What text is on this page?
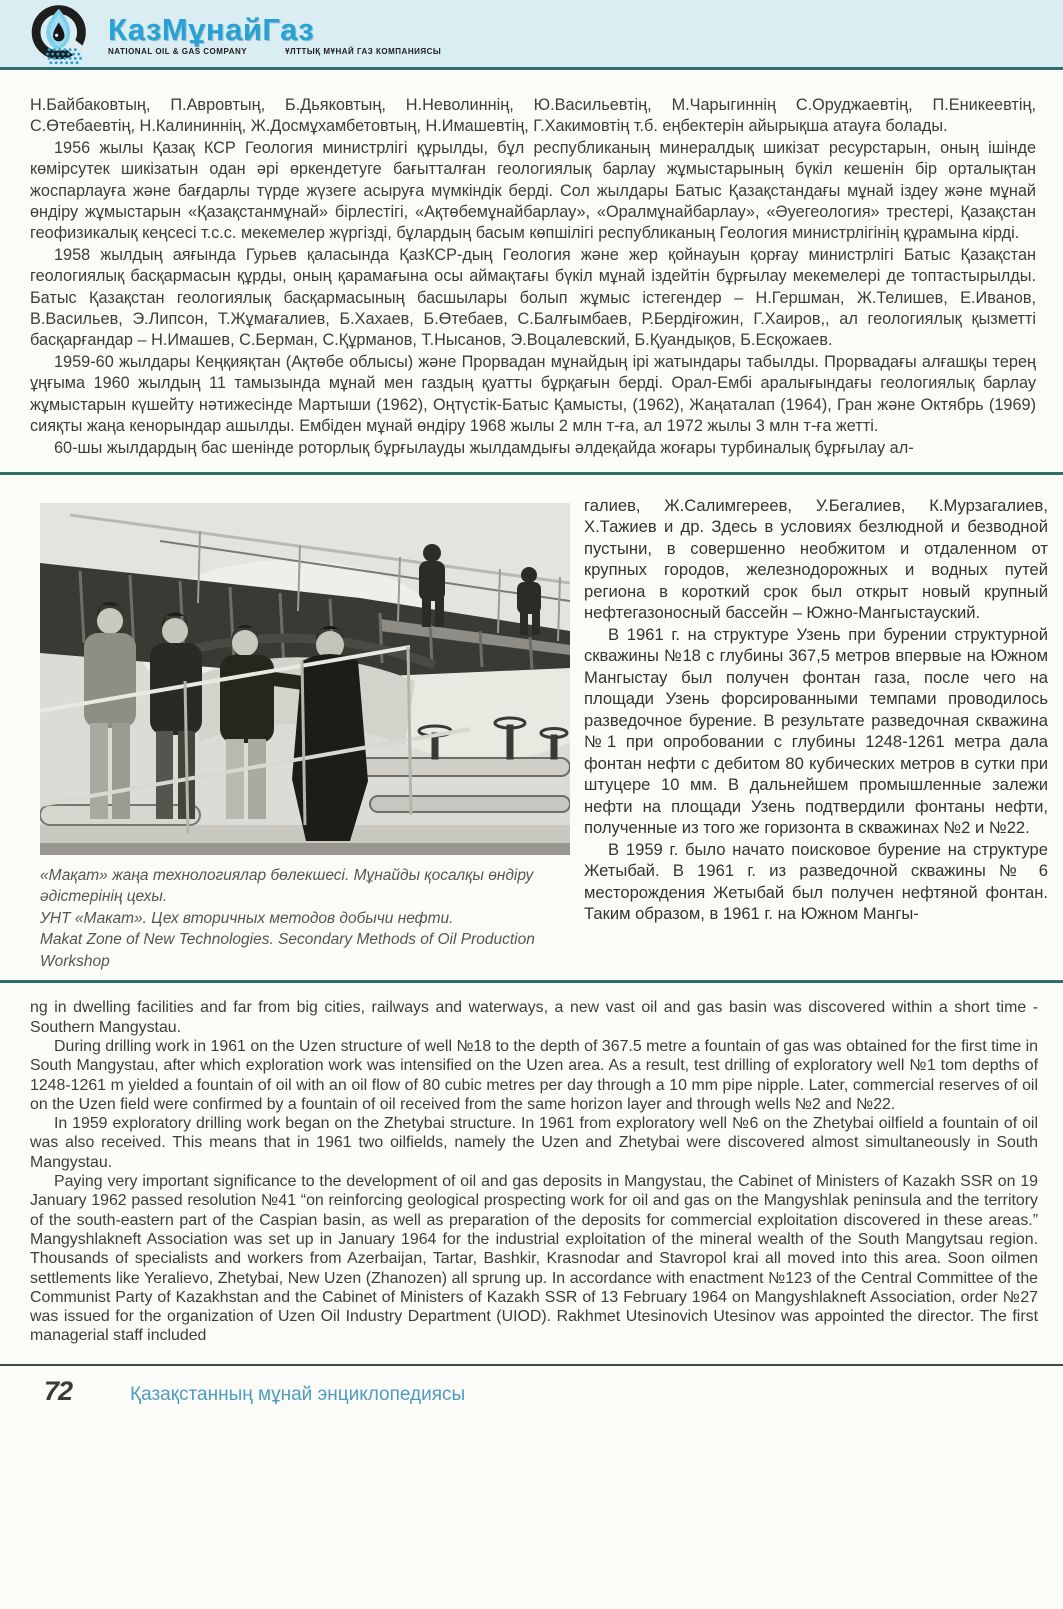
КазМұнайГаз
NATIONAL OIL & GAS COMPANY	ҰЛТТЫҚ МҰНАЙ ГАЗ КОМПАНИЯСЫ

Н.Байбаковтың, П.Авровтың, Б.Дьяковтың, Н.Неволиннің, Ю.Васильевтің, М.Чарыгиннің С.Оруджаевтің, П.Еникеевтің, С.Өтебаевтің, Н.Калининнің, Ж.Досмұхамбетовтың, Н.Имашевтің, Г.Хакимовтің т.б. еңбектерін айырықша атауға болады.

1956 жылы Қазақ КСР Геология министрлігі құрылды, бұл республиканың минералдық шикізат ресурстарын, оның ішінде көмірсутек шикізатын одан әрі өркендетуге бағытталған геологиялық барлау жұмыстарының бүкіл кешенін бір орталықтан жоспарлауға және бағдарлы түрде жүзеге асыруға мүмкіндік берді. Сол жылдары Батыс Қазақстандағы мұнай іздеу және мұнай өндіру жұмыстарын «Қазақстанмұнай» бірлестігі, «Ақтөбемұнайбарлау», «Оралмұнайбарлау», «Әуегеология» трестері, Қазақстан геофизикалық кеңсесі т.с.с. мекемелер жүргізді, бұлардың басым көпшілігі республиканың Геология министрлігінің құрамына кірді.

1958 жылдың аяғында Гурьев қаласында ҚазКСР-дың Геология және жер қойнауын қорғау министрлігі Батыс Қазақстан геологиялық басқармасын құрды, оның қарамағына осы аймақтағы бүкіл мұнай іздейтін бұрғылау мекемелері де топтастырылды. Батыс Қазақстан геологиялық басқармасының басшылары болып жұмыс істегендер – Н.Гершман, Ж.Телишев, Е.Иванов, В.Васильев, Э.Липсон, Т.Жұмағалиев, Б.Хахаев, Б.Өтебаев, С.Балғымбаев, Р.Бердіғожин, Г.Хаиров,, ал геологиялық қызметті басқарғандар – Н.Имашев, С.Берман, С.Құрманов, Т.Нысанов, Э.Воцалевский, Б.Қуандықов, Б.Есқожаев.

1959-60 жылдары Кеңқияқтан (Ақтөбе облысы) және Прорвадан мұнайдың ірі жатындары табылды. Прорвадағы алғашқы терең ұңғыма 1960 жылдың 11 тамызында мұнай мен газдың қуатты бұрқағын берді. Орал-Ембі аралығындағы геологиялық барлау жұмыстарын күшейту нәтижесінде Мартыши (1962), Оңтүстік-Батыс Қамысты, (1962), Жаңаталап (1964), Гран және Октябрь (1969) сияқты жаңа кенорындар ашылды. Ембіден мұнай өндіру 1968 жылы 2 млн т-ға, ал 1972 жылы 3 млн т-ға жетті.

60-шы жылдардың бас шенінде роторлық бұрғылауды жылдамдығы әлдеқайда жоғары турбиналық бұрғылау ал-

«Мақат» жаңа технологиялар бөлекшесі. Мұнайды қосалқы өндіру әдістерінің цехы.
УНТ «Макат». Цех вторичных методов добычи нефти.
Makat Zone of New Technologies. Secondary Methods of Oil Production Workshop

галиев, Ж.Салимгереев, У.Бегалиев, К.Мурзагалиев, Х.Тажиев и др. Здесь в условиях безлюдной и безводной пустыни, в совершенно необжитом и отдаленном от крупных городов, железнодорожных и водных путей региона в короткий срок был открыт новый крупный нефтегазоносный бассейн – Южно-Мангыстауский.

В 1961 г. на структуре Узень при бурении структурной скважины №18 с глубины 367,5 метров впервые на Южном Мангыстау был получен фонтан газа, после чего на площади Узень форсированными темпами проводилось разведочное бурение. В результате разведочная скважина №1 при опробовании с глубины 1248-1261 метра дала фонтан нефти с дебитом 80 кубических метров в сутки при штуцере 10 мм. В дальнейшем промышленные залежи нефти на площади Узень подтвердили фонтаны нефти, полученные из того же горизонта в скважинах №2 и №22.

В 1959 г. было начато поисковое бурение на структуре Жетыбай. В 1961 г. из разведочной скважины № 6 месторождения Жетыбай был получен нефтяной фонтан. Таким образом, в 1961 г. на Южном Мангы-

ng in dwelling facilities and far from big cities, railways and waterways, a new vast oil and gas basin was discovered within a short time - Southern Mangystau.

During drilling work in 1961 on the Uzen structure of well №18 to the depth of 367.5 metre a fountain of gas was obtained for the first time in South Mangystau, after which exploration work was intensified on the Uzen area. As a result, test drilling of exploratory well №1 tom depths of 1248-1261 m yielded a fountain of oil with an oil flow of 80 cubic metres per day through a 10 mm pipe nipple. Later, commercial reserves of oil on the Uzen field were confirmed by a fountain of oil received from the same horizon layer and through wells №2 and №22.

In 1959 exploratory drilling work began on the Zhetybai structure. In 1961 from exploratory well №6 on the Zhetybai oilfield a fountain of oil was also received. This means that in 1961 two oilfields, namely the Uzen and Zhetybai were discovered almost simultaneously in South Mangystau.

Paying very important significance to the development of oil and gas deposits in Mangystau, the Cabinet of Ministers of Kazakh SSR on 19 January 1962 passed resolution №41 “on reinforcing geological prospecting work for oil and gas on the Mangyshlak peninsula and the territory of the south-eastern part of the Caspian basin, as well as preparation of the deposits for commercial exploitation discovered in these areas.” Mangyshlakneft Association was set up in January 1964 for the industrial exploitation of the mineral wealth of the South Mangytsau region. Thousands of specialists and workers from Azerbaijan, Tartar, Bashkir, Krasnodar and Stavropol krai all moved into this area. Soon oilmen settlements like Yeralievo, Zhetybai, New Uzen (Zhanozen) all sprung up. In accordance with enactment №123 of the Central Committee of the Communist Party of Kazakhstan and the Cabinet of Ministers of Kazakh SSR of 13 February 1964 on Mangyshlakneft Association, order №27 was issued for the organization of Uzen Oil Industry Department (UIOD). Rakhmet Utesinovich Utesinov was appointed the director. The first managerial staff included

72	Қазақстанның мұнай энциклопедиясы
